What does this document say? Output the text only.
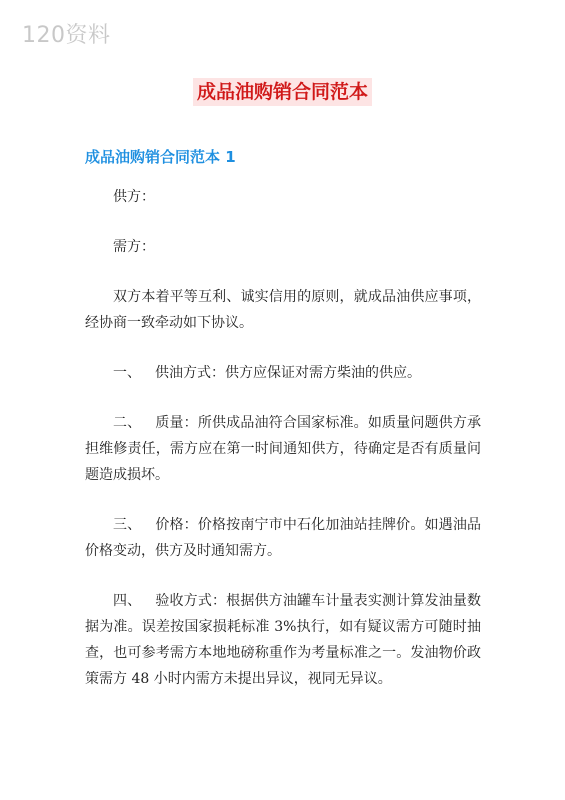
120资料
成品油购销合同范本
成品油购销合同范本 1

供方：

需方：

双方本着平等互利、诚实信用的原则，就成品油供应事项，经协商一致牵动如下协议。

一、 供油方式：供方应保证对需方柴油的供应。

二、 质量：所供成品油符合国家标准。如质量问题供方承担维修责任，需方应在第一时间通知供方，待确定是否有质量问题造成损坏。

三、 价格：价格按南宁市中石化加油站挂牌价。如遇油品价格变动，供方及时通知需方。

四、 验收方式：根据供方油罐车计量表实测计算发油量数据为准。误差按国家损耗标准 3%执行，如有疑议需方可随时抽查，也可参考需方本地地磅称重作为考量标准之一。发油物价政策需方 48 小时内需方未提出异议，视同无异议。
